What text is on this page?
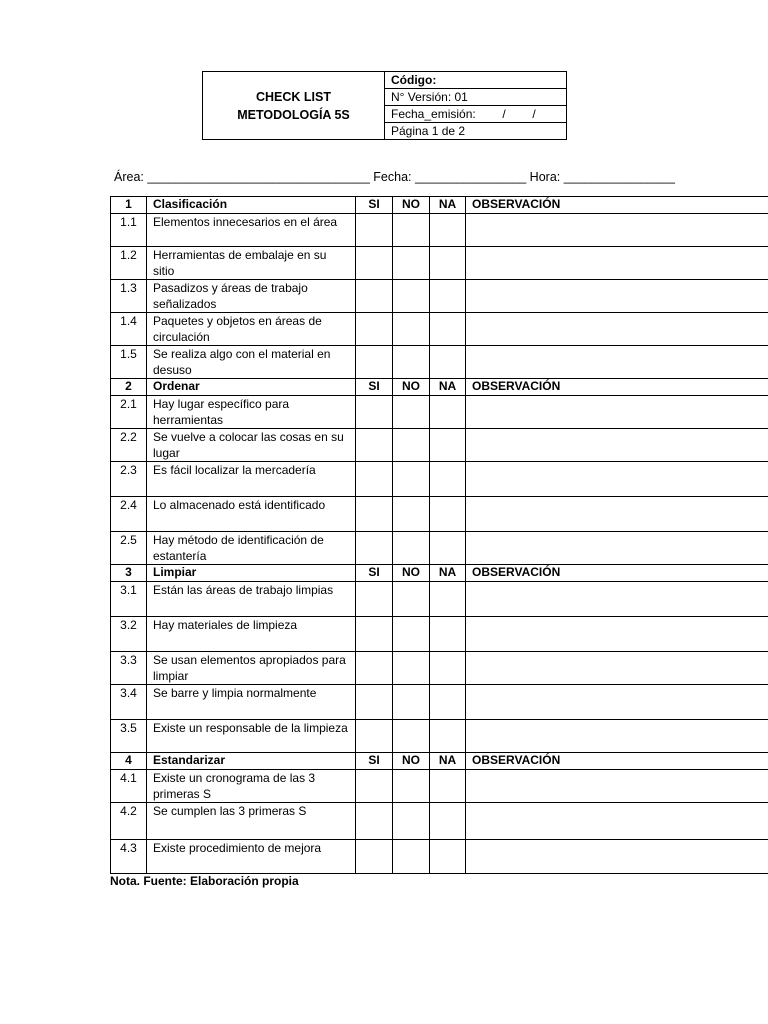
CHECK LIST
METODOLOGÍA 5S
Código:
N° Versión: 01
Fecha_emisión:        /        /
Página 1 de 2
Área: ________________________________ Fecha: ________________ Hora: ________________
1	Clasificación	SI	NO	NA	OBSERVACIÓN
1.1	Elementos innecesarios en el área				
1.2	Herramientas de embalaje en su sitio				
1.3	Pasadizos y áreas de trabajo señalizados				
1.4	Paquetes y objetos en áreas de circulación				
1.5	Se realiza algo con el material en desuso				
2	Ordenar	SI	NO	NA	OBSERVACIÓN
2.1	Hay lugar específico para herramientas				
2.2	Se vuelve a colocar las cosas en su lugar				
2.3	Es fácil localizar la mercadería				
2.4	Lo almacenado está identificado				
2.5	Hay método de identificación de estantería				
3	Limpiar	SI	NO	NA	OBSERVACIÓN
3.1	Están las áreas de trabajo limpias				
3.2	Hay materiales de limpieza				
3.3	Se usan elementos apropiados para limpiar				
3.4	Se barre y limpia normalmente				
3.5	Existe un responsable de la limpieza				
4	Estandarizar	SI	NO	NA	OBSERVACIÓN
4.1	Existe un cronograma de las 3 primeras S				
4.2	Se cumplen las 3 primeras S				
4.3	Existe procedimiento de mejora				
Nota. Fuente: Elaboración propia
